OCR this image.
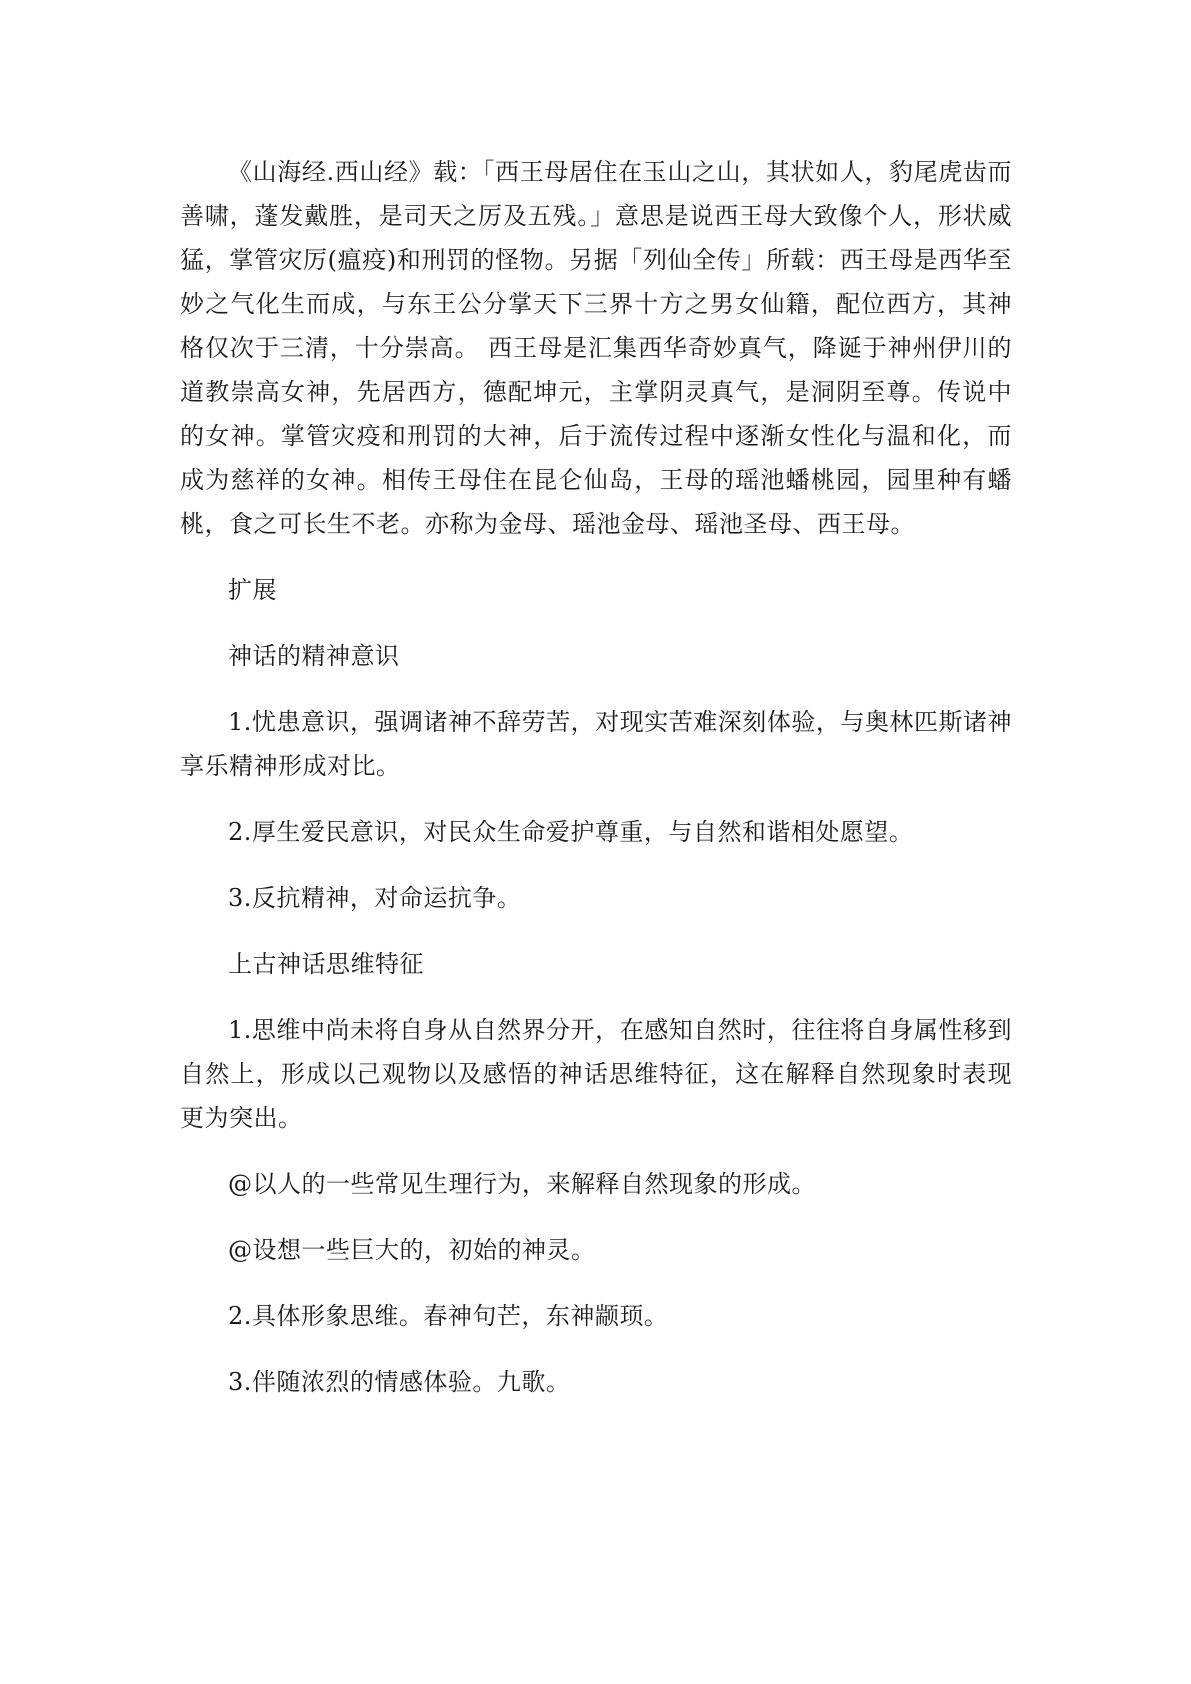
《山海经.西山经》载：「西王母居住在玉山之山，其状如人，豹尾虎齿而善啸，蓬发戴胜，是司天之厉及五残。」意思是说西王母大致像个人，形状威猛，掌管灾厉(瘟疫)和刑罚的怪物。另据「列仙全传」所载：西王母是西华至妙之气化生而成，与东王公分掌天下三界十方之男女仙籍，配位西方，其神格仅次于三清，十分崇高。 西王母是汇集西华奇妙真气，降诞于神州伊川的道教崇高女神，先居西方，德配坤元，主掌阴灵真气，是洞阴至尊。传说中的女神。掌管灾疫和刑罚的大神，后于流传过程中逐渐女性化与温和化，而成为慈祥的女神。相传王母住在昆仑仙岛，王母的瑶池蟠桃园，园里种有蟠桃，食之可长生不老。亦称为金母、瑶池金母、瑶池圣母、西王母。

扩展

神话的精神意识

1.忧患意识，强调诸神不辞劳苦，对现实苦难深刻体验，与奥林匹斯诸神享乐精神形成对比。

2.厚生爱民意识，对民众生命爱护尊重，与自然和谐相处愿望。

3.反抗精神，对命运抗争。

上古神话思维特征

1.思维中尚未将自身从自然界分开，在感知自然时，往往将自身属性移到自然上，形成以己观物以及感悟的神话思维特征，这在解释自然现象时表现更为突出。

@以人的一些常见生理行为，来解释自然现象的形成。

@设想一些巨大的，初始的神灵。

2.具体形象思维。春神句芒，东神颛顼。

3.伴随浓烈的情感体验。九歌。
